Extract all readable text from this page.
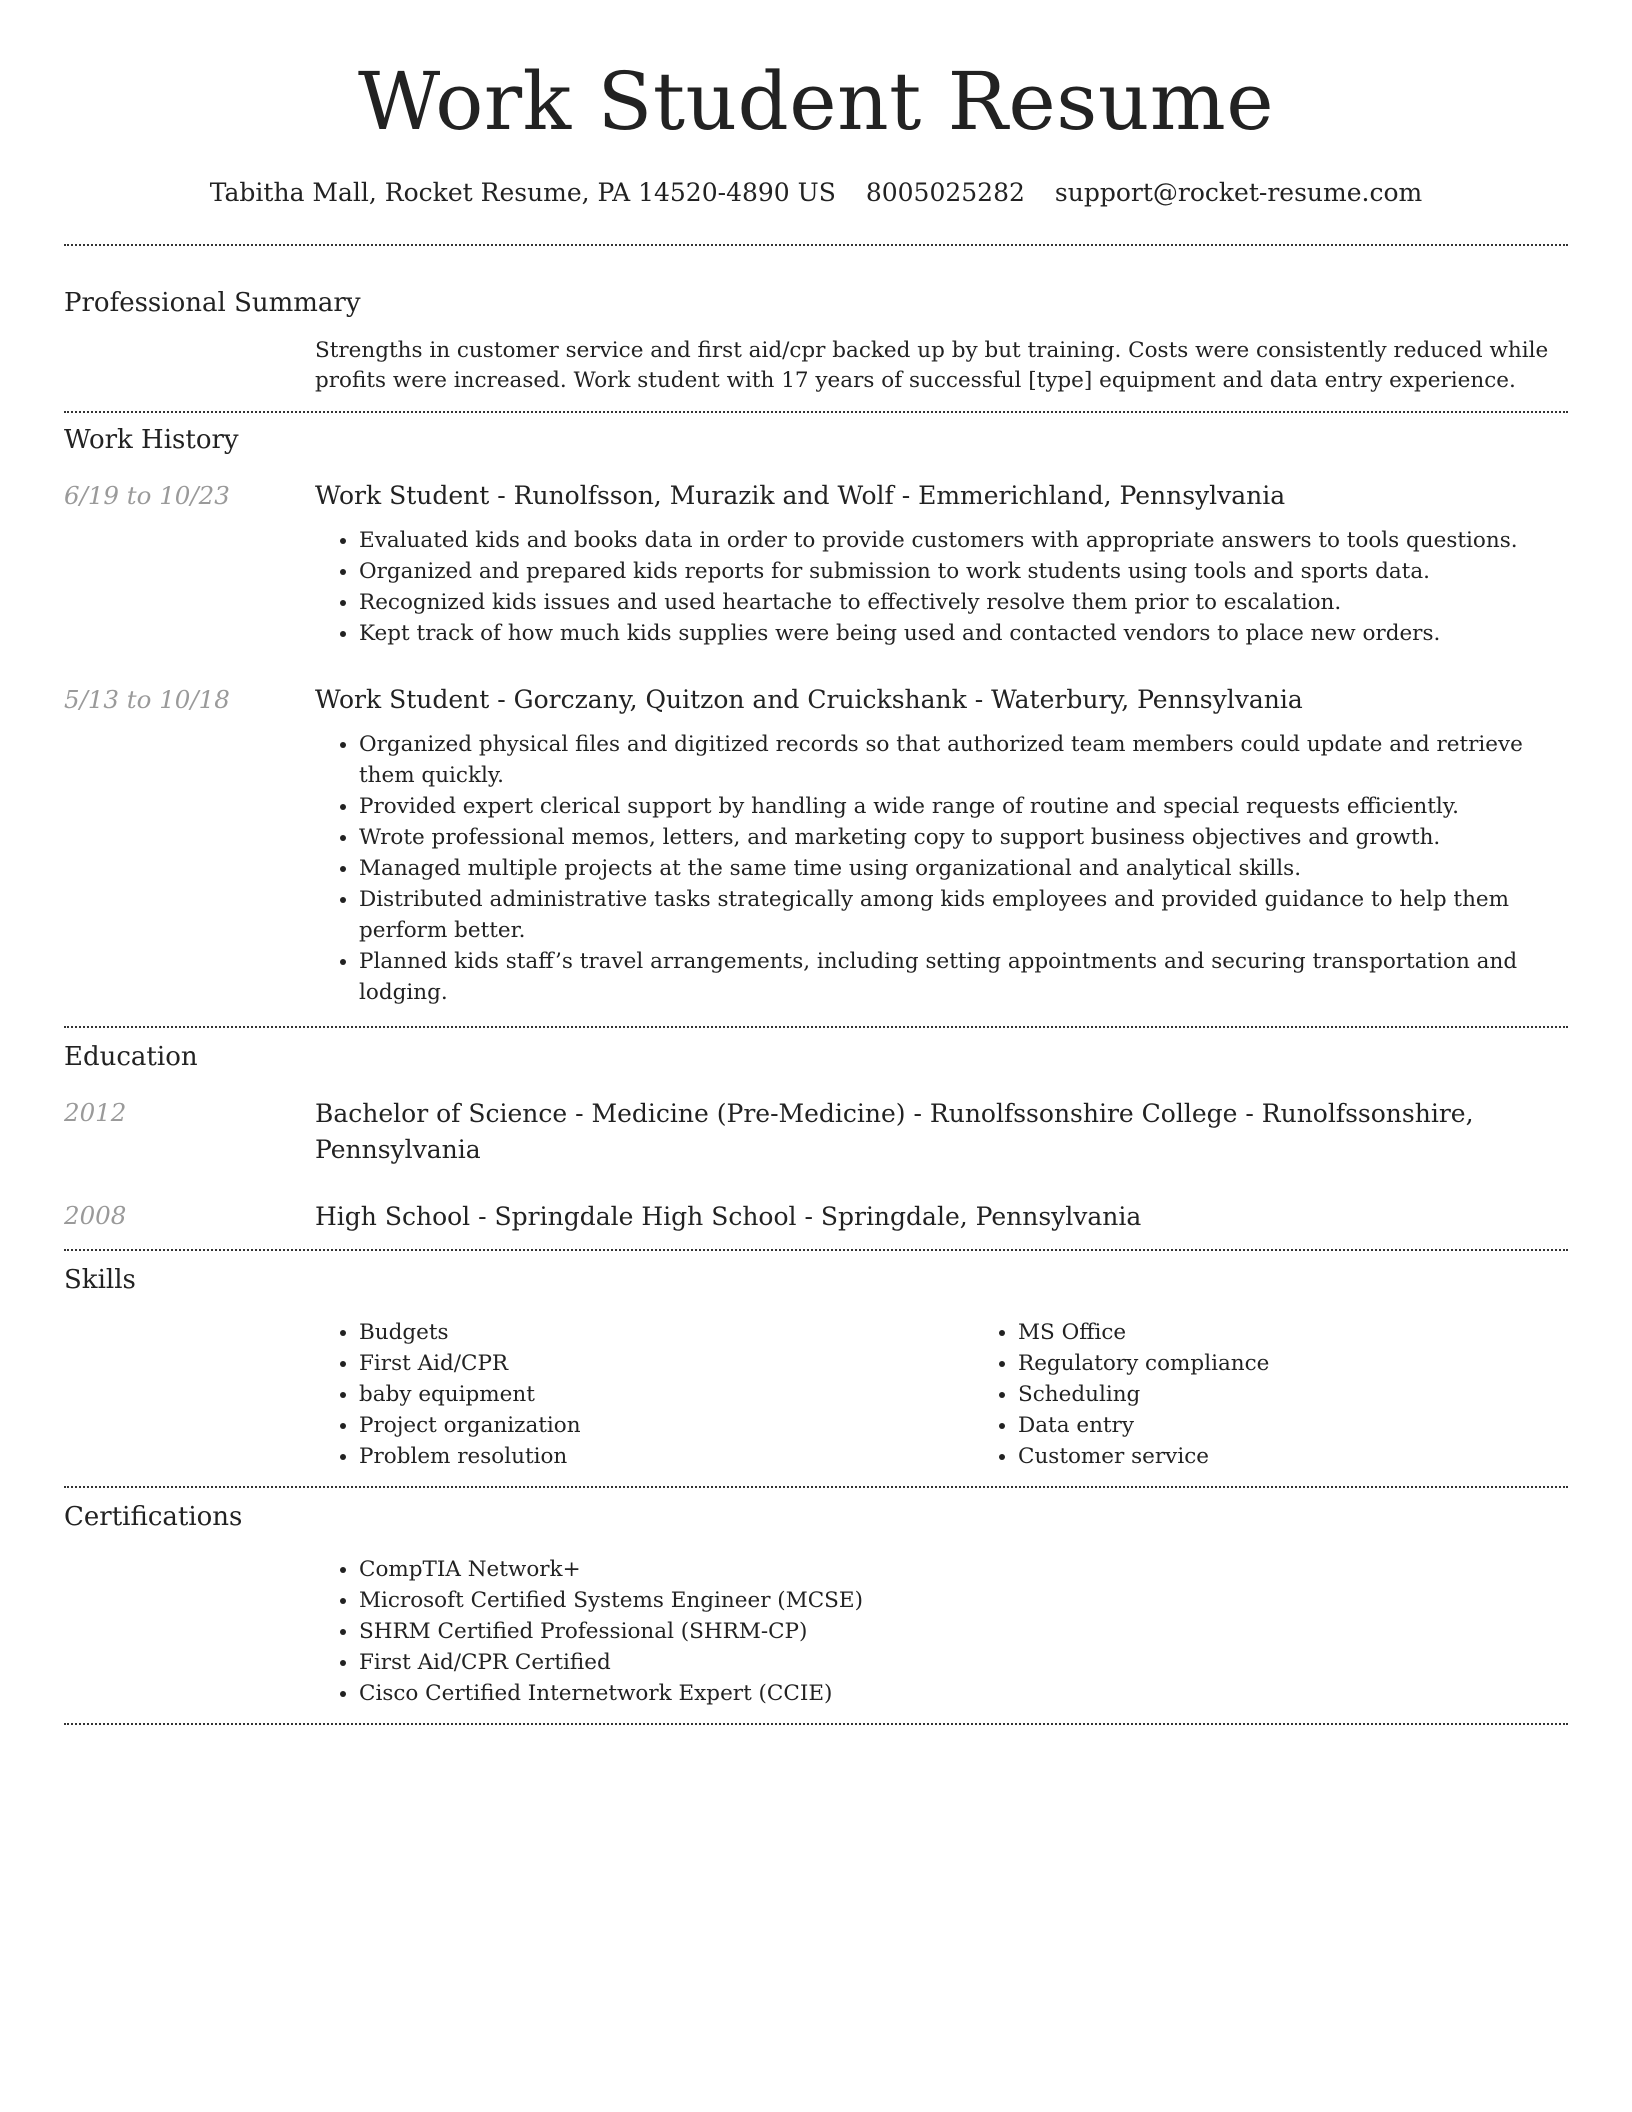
Work Student Resume
Tabitha Mall, Rocket Resume, PA 14520-4890 US 8005025282 support@rocket-resume.com
Professional Summary

Strengths in customer service and first aid/cpr backed up by but training. Costs were consistently reduced while profits were increased. Work student with 17 years of successful [type] equipment and data entry experience.

Work History
6/19 to 10/23	Work Student - Runolfsson, Murazik and Wolf - Emmerichland, Pennsylvania

• Evaluated kids and books data in order to provide customers with appropriate answers to tools questions.
• Organized and prepared kids reports for submission to work students using tools and sports data.
• Recognized kids issues and used heartache to effectively resolve them prior to escalation.
• Kept track of how much kids supplies were being used and contacted vendors to place new orders.
5/13 to 10/18	Work Student - Gorczany, Quitzon and Cruickshank - Waterbury, Pennsylvania

• Organized physical files and digitized records so that authorized team members could update and retrieve them quickly.
• Provided expert clerical support by handling a wide range of routine and special requests efficiently.
• Wrote professional memos, letters, and marketing copy to support business objectives and growth.
• Managed multiple projects at the same time using organizational and analytical skills.
• Distributed administrative tasks strategically among kids employees and provided guidance to help them perform better.
• Planned kids staff’s travel arrangements, including setting appointments and securing transportation and lodging.
Education
2012	Bachelor of Science - Medicine (Pre-Medicine) - Runolfssonshire College - Runolfssonshire, Pennsylvania

2008	High School - Springdale High School - Springdale, Pennsylvania

Skills
• Budgets
• First Aid/CPR
• baby equipment
• Project organization
• Problem resolution
• MS Office
• Regulatory compliance
• Scheduling
• Data entry
• Customer service
Certifications
• CompTIA Network+
• Microsoft Certified Systems Engineer (MCSE)
• SHRM Certified Professional (SHRM-CP)
• First Aid/CPR Certified
• Cisco Certified Internetwork Expert (CCIE)
